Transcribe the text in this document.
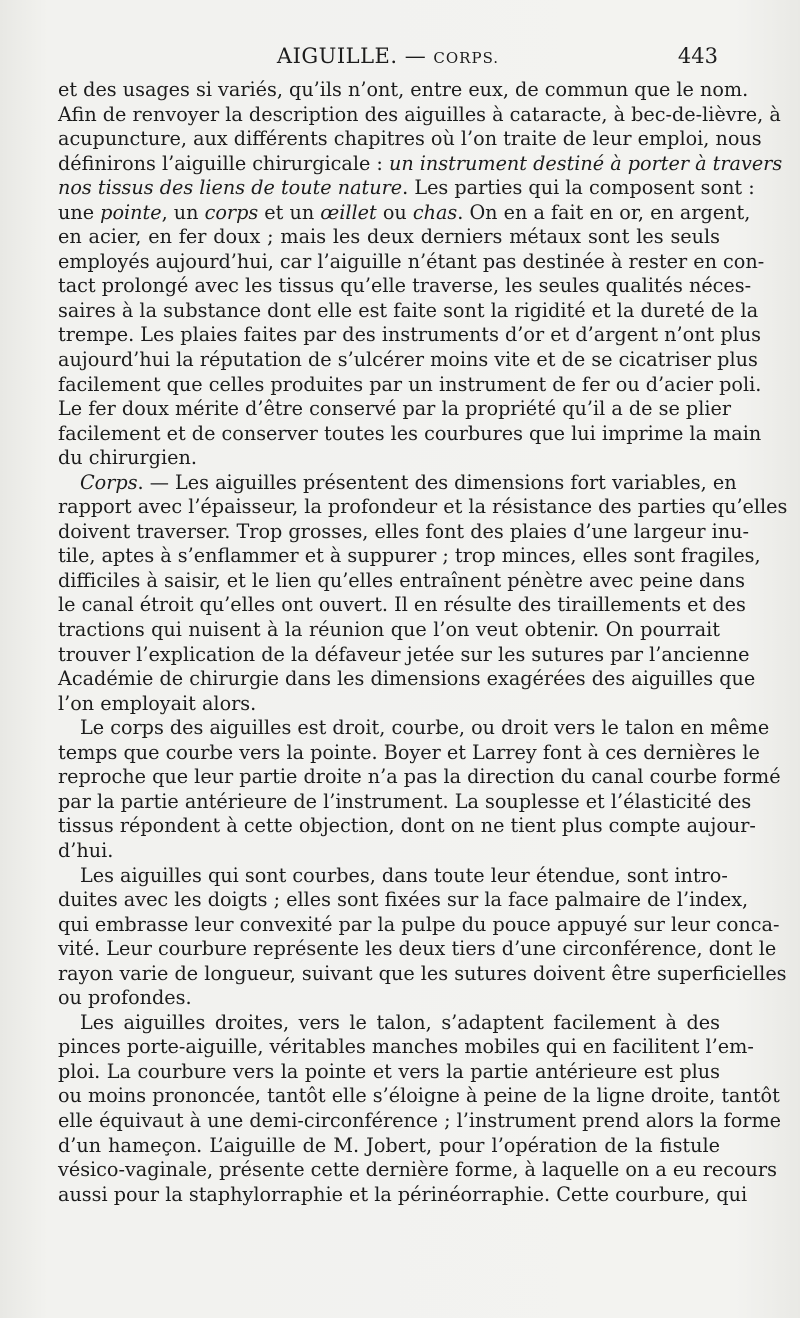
AIGUILLE. — CORPS.	443
et des usages si variés, qu’ils n’ont, entre eux, de commun que le nom.
Afin de renvoyer la description des aiguilles à cataracte, à bec-de-lièvre, à
acupuncture, aux différents chapitres où l’on traite de leur emploi, nous
définirons l’aiguille chirurgicale : un instrument destiné à porter à travers
nos tissus des liens de toute nature. Les parties qui la composent sont :
une pointe, un corps et un œillet ou chas. On en a fait en or, en argent,
en acier, en fer doux ; mais les deux derniers métaux sont les seuls
employés aujourd’hui, car l’aiguille n’étant pas destinée à rester en con-
tact prolongé avec les tissus qu’elle traverse, les seules qualités néces-
saires à la substance dont elle est faite sont la rigidité et la dureté de la
trempe. Les plaies faites par des instruments d’or et d’argent n’ont plus
aujourd’hui la réputation de s’ulcérer moins vite et de se cicatriser plus
facilement que celles produites par un instrument de fer ou d’acier poli.
Le fer doux mérite d’être conservé par la propriété qu’il a de se plier
facilement et de conserver toutes les courbures que lui imprime la main
du chirurgien.
Corps. — Les aiguilles présentent des dimensions fort variables, en
rapport avec l’épaisseur, la profondeur et la résistance des parties qu’elles
doivent traverser. Trop grosses, elles font des plaies d’une largeur inu-
tile, aptes à s’enflammer et à suppurer ; trop minces, elles sont fragiles,
difficiles à saisir, et le lien qu’elles entraînent pénètre avec peine dans
le canal étroit qu’elles ont ouvert. Il en résulte des tiraillements et des
tractions qui nuisent à la réunion que l’on veut obtenir. On pourrait
trouver l’explication de la défaveur jetée sur les sutures par l’ancienne
Académie de chirurgie dans les dimensions exagérées des aiguilles que
l’on employait alors.
Le corps des aiguilles est droit, courbe, ou droit vers le talon en même
temps que courbe vers la pointe. Boyer et Larrey font à ces dernières le
reproche que leur partie droite n’a pas la direction du canal courbe formé
par la partie antérieure de l’instrument. La souplesse et l’élasticité des
tissus répondent à cette objection, dont on ne tient plus compte aujour-
d’hui.
Les aiguilles qui sont courbes, dans toute leur étendue, sont intro-
duites avec les doigts ; elles sont fixées sur la face palmaire de l’index,
qui embrasse leur convexité par la pulpe du pouce appuyé sur leur conca-
vité. Leur courbure représente les deux tiers d’une circonférence, dont le
rayon varie de longueur, suivant que les sutures doivent être superficielles
ou profondes.
Les aiguilles droites, vers le talon, s’adaptent facilement à des
pinces porte-aiguille, véritables manches mobiles qui en facilitent l’em-
ploi. La courbure vers la pointe et vers la partie antérieure est plus
ou moins prononcée, tantôt elle s’éloigne à peine de la ligne droite, tantôt
elle équivaut à une demi-circonférence ; l’instrument prend alors la forme
d’un hameçon. L’aiguille de M. Jobert, pour l’opération de la fistule
vésico-vaginale, présente cette dernière forme, à laquelle on a eu recours
aussi pour la staphylorraphie et la périnéorraphie. Cette courbure, qui
